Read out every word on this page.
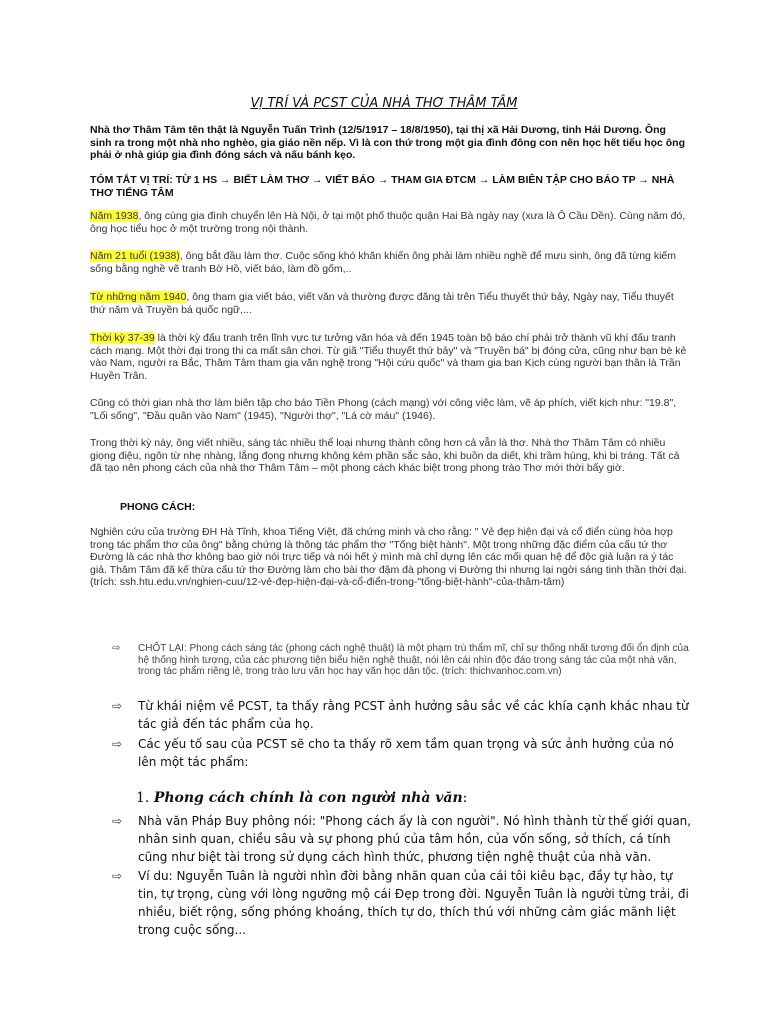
VỊ TRÍ VÀ PCST CỦA NHÀ THƠ THÂM TÂM

Nhà thơ Thâm Tâm tên thật là Nguyễn Tuấn Trình (12/5/1917 – 18/8/1950), tại thị xã Hải Dương, tỉnh Hải Dương. Ông sinh ra trong một nhà nho nghèo, gia giáo nền nếp. Vì là con thứ trong một gia đình đông con nên học hết tiểu học ông phải ở nhà giúp gia đình đóng sách và nấu bánh kẹo.

TÓM TẮT VỊ TRÍ: TỪ 1 HS → BIẾT LÀM THƠ → VIẾT BÁO → THAM GIA ĐTCM → LÀM BIÊN TẬP CHO BÁO TP → NHÀ THƠ TIẾNG TÂM

Năm 1938, ông cùng gia đình chuyển lên Hà Nội, ở tại một phố thuộc quận Hai Bà ngày nay (xưa là Ô Cầu Dền). Cùng năm đó, ông học tiểu học ở một trường trong nội thành.

Năm 21 tuổi (1938), ông bắt đầu làm thơ. Cuộc sống khó khăn khiến ông phải làm nhiều nghề để mưu sinh, ông đã từng kiếm sống bằng nghề vẽ tranh Bờ Hồ, viết báo, làm đồ gốm,..

Từ những năm 1940, ông tham gia viết báo, viết văn và thường được đăng tải trên Tiểu thuyết thứ bảy, Ngày nay, Tiểu thuyết thứ năm và Truyền bá quốc ngữ,...

Thời kỳ 37-39 là thời kỳ đấu tranh trên lĩnh vực tư tưởng văn hóa và đến 1945 toàn bộ báo chí phải trở thành vũ khí đấu tranh cách mạng. Một thời đại trong thi ca mất sân chơi. Từ giã "Tiểu thuyết thứ bảy" và "Truyền bá" bị đóng cửa, cũng như bạn bè kẻ vào Nam, người ra Bắc, Thâm Tâm tham gia văn nghệ trong "Hội cứu quốc" và tham gia ban Kịch cùng người bạn thân là Trần Huyền Trân.

Cũng có thời gian nhà thơ làm biên tập cho báo Tiền Phong (cách mạng) với công việc làm, vẽ áp phích, viết kịch như: "19.8", "Lối sống", "Đầu quân vào Nam" (1945), "Người thợ", "Lá cờ máu" (1946).

Trong thời kỳ này, ông viết nhiều, sáng tác nhiều thể loại nhưng thành công hơn cả vẫn là thơ. Nhà thơ Thâm Tâm có nhiều giọng điệu, ngôn từ nhẹ nhàng, lắng đọng nhưng không kém phần sắc sảo, khi buồn da diết, khi trầm hùng, khi bi tráng. Tất cả đã tạo nên phong cách của nhà thơ Thâm Tâm – một phong cách khác biệt trong phong trào Thơ mới thời bấy giờ.

PHONG CÁCH:

Nghiên cứu của trường ĐH Hà Tĩnh, khoa Tiếng Việt, đã chứng minh và cho rằng: " Vẻ đẹp hiện đại và cổ điển cùng hòa hợp trong tác phẩm thơ của ông" bằng chứng là thông tác phẩm thơ "Tống biệt hành". Một trong những đặc điểm của cấu tứ thơ Đường là các nhà thơ không bao giờ nói trực tiếp và nói hết ý mình mà chỉ dựng lên các mối quan hệ để độc giả luận ra ý tác giả. Thâm Tâm đã kế thừa cấu tứ thơ Đường làm cho bài thơ đậm đà phong vị Đường thi nhưng lại ngời sáng tinh thần thời đại. (trích: ssh.htu.edu.vn/nghien-cuu/12-vẻ-đẹp-hiện-đại-và-cổ-điển-trong-"tống-biệt-hành"-của-thâm-tâm)

⇨ CHỐT LẠI: Phong cách sáng tác (phong cách nghệ thuật) là một phạm trù thẩm mĩ, chỉ sự thống nhất tương đối ổn định của hệ thống hình tượng, của các phương tiện biểu hiện nghệ thuật, nói lên cái nhìn độc đáo trong sáng tác của một nhà văn, trong tác phẩm riêng lẻ, trong trào lưu văn học hay văn học dân tộc. (trích: thichvanhoc.com.vn)
⇨ Từ khái niệm về PCST, ta thấy rằng PCST ảnh hưởng sâu sắc về các khía cạnh khác nhau từ tác giả đến tác phẩm của họ.
⇨ Các yếu tố sau của PCST sẽ cho ta thấy rõ xem tầm quan trọng và sức ảnh hưởng của nó lên một tác phẩm:
1. Phong cách chính là con người nhà văn:
⇨ Nhà văn Pháp Buy phông nói: "Phong cách ấy là con người". Nó hình thành từ thế giới quan, nhân sinh quan, chiều sâu và sự phong phú của tâm hồn, của vốn sống, sở thích, cá tính cũng như biệt tài trong sử dụng cách hình thức, phương tiện nghệ thuật của nhà văn.
⇨ Ví du: Nguyễn Tuân là người nhìn đời bằng nhãn quan của cái tôi kiêu bạc, đầy tự hào, tự tin, tự trọng, cùng với lòng ngưỡng mộ cái Đẹp trong đời. Nguyễn Tuân là người từng trải, đi nhiều, biết rộng, sống phóng khoáng, thích tự do, thích thú với những cảm giác mãnh liệt trong cuộc sống...
